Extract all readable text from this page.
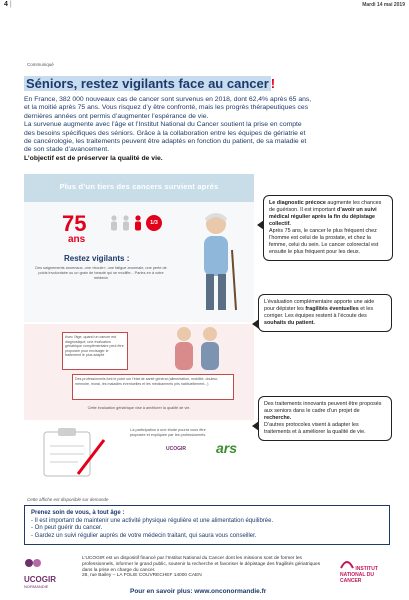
4 |	Mardi 14 mai 2019
Communiqué
Séniors, restez vigilants face au cancer !

En France, 382 000 nouveaux cas de cancer sont survenus en 2018, dont 62,4% après 65 ans,

et la moitié après 75 ans. Vous risquez d’y être confronté, mais les progrès thérapeutiques ces

dernières années ont permis d’augmenter l’espérance de vie.

La survenue augmente avec l’âge et l’Institut National du Cancer soutient la prise en compte

des besoins spécifiques des séniors. Grâce à la collaboration entre les équipes de gériatrie et

de cancérologie, les traitements peuvent être adaptés en fonction du patient, de sa maladie et

de son stade d’avancement.

L’objectif est de préserver la qualité de vie.

Plus d’un tiers des cancers survient après
75
ans
1/3
Restez vigilants :
Des saignements anormaux, une «boule», une fatigue anormale, une perte de poids involontaire ou un grain de beauté qui se modifie... Parlez-en à votre médecin
Avec l’âge, quand un cancer est diagnostiqué, une évaluation gériatrique complémentaire peut être proposée pour envisager le traitement le plus adapté
Des professionnels font le point sur l’état de santé général (alimentation, mobilité, douleur, mémoire, moral, les maladies éventuelles et les médicaments pris habituellement...)
Cette évaluation gériatrique vise à améliorer la qualité de vie.
La participation à une étude pourra vous être proposée et expliquée par les professionnels.
UCOGIR ars
Le diagnostic précoce augmente les chances de guérison. Il est important d’avoir un suivi médical régulier après la fin du dépistage collectif.
Après 75 ans, le cancer le plus fréquent chez l’homme est celui de la prostate, et chez la femme, celui du sein. Le cancer colorectal est ensuite le plus fréquent pour les deux.
L’évaluation complémentaire apporte une aide pour dépister les fragilités éventuelles et les corriger. Les équipes restent à l’écoute des souhaits du patient.
Des traitements innovants peuvent être proposés aux seniors dans le cadre d’un projet de recherche.
D’autres protocoles visent à adapter les traitements et à améliorer la qualité de vie.
Cette affiche est disponible sur demande
Prenez soin de vous, à tout âge :
- Il est important de maintenir une activité physique régulière et une alimentation équilibrée.
- On peut guérir du cancer.
- Gardez un suivi régulier auprès de votre médecin traitant, qui saura vous conseiller.
UCOGIR
NORMANDIE
L’UCOGIR est un dispositif financé par l’Institut National du Cancer dont les missions sont de former les professionnels, informer le grand public, soutenir la recherche et favoriser le dépistage des fragilités gériatriques dans la prise en charge du cancer.
28, rue Bailey – LA FOLIE COUVRECHEF 14000 CAEN
INSTITUT NATIONAL DU CANCER
Pour en savoir plus: www.onconormandie.fr
